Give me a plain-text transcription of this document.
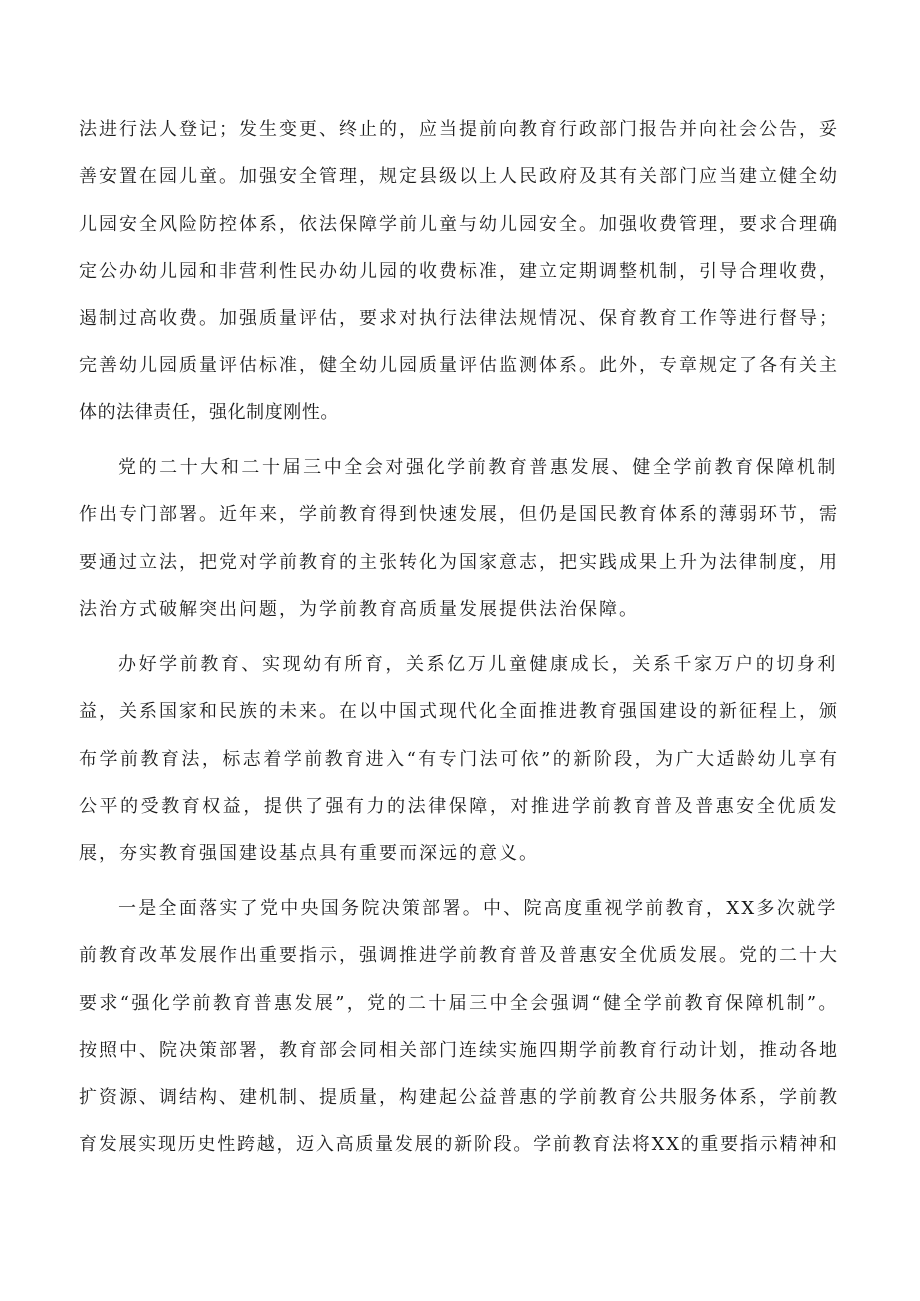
法进行法人登记；发生变更、终止的，应当提前向教育行政部门报告并向社会公告，妥
善安置在园儿童。加强安全管理，规定县级以上人民政府及其有关部门应当建立健全幼
儿园安全风险防控体系，依法保障学前儿童与幼儿园安全。加强收费管理，要求合理确
定公办幼儿园和非营利性民办幼儿园的收费标准，建立定期调整机制，引导合理收费，
遏制过高收费。加强质量评估，要求对执行法律法规情况、保育教育工作等进行督导；
完善幼儿园质量评估标准，健全幼儿园质量评估监测体系。此外，专章规定了各有关主
体的法律责任，强化制度刚性。
党的二十大和二十届三中全会对强化学前教育普惠发展、健全学前教育保障机制
作出专门部署。近年来，学前教育得到快速发展，但仍是国民教育体系的薄弱环节，需
要通过立法，把党对学前教育的主张转化为国家意志，把实践成果上升为法律制度，用
法治方式破解突出问题，为学前教育高质量发展提供法治保障。
办好学前教育、实现幼有所育，关系亿万儿童健康成长，关系千家万户的切身利
益，关系国家和民族的未来。在以中国式现代化全面推进教育强国建设的新征程上，颁
布学前教育法，标志着学前教育进入“有专门法可依”的新阶段，为广大适龄幼儿享有
公平的受教育权益，提供了强有力的法律保障，对推进学前教育普及普惠安全优质发
展，夯实教育强国建设基点具有重要而深远的意义。
一是全面落实了党中央国务院决策部署。中、院高度重视学前教育，XX多次就学
前教育改革发展作出重要指示，强调推进学前教育普及普惠安全优质发展。党的二十大
要求“强化学前教育普惠发展”，党的二十届三中全会强调“健全学前教育保障机制”。
按照中、院决策部署，教育部会同相关部门连续实施四期学前教育行动计划，推动各地
扩资源、调结构、建机制、提质量，构建起公益普惠的学前教育公共服务体系，学前教
育发展实现历史性跨越，迈入高质量发展的新阶段。学前教育法将XX的重要指示精神和
